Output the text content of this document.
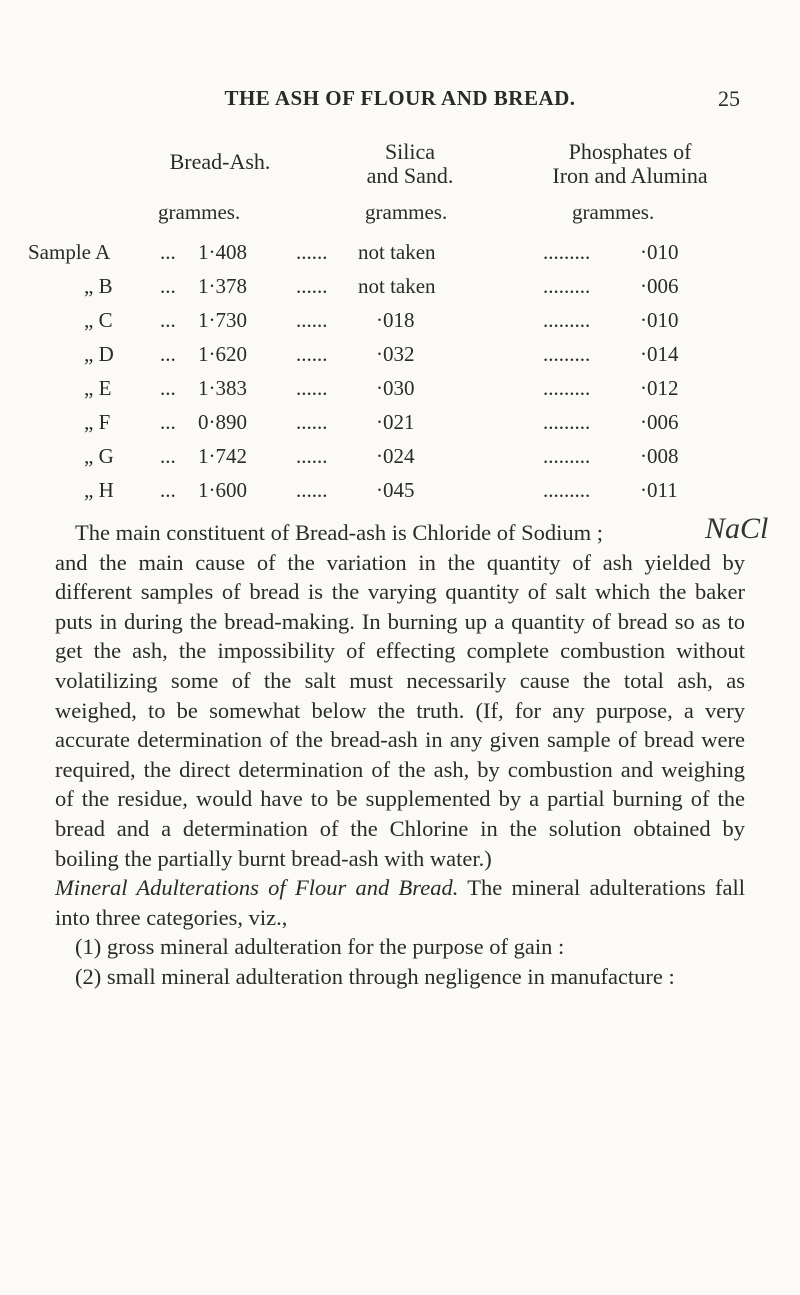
THE ASH OF FLOUR AND BREAD.	25
Bread-Ash.	Silica
and Sand.
Phosphates of
Iron and Alumina
grammes.	grammes.	grammes.
Sample A ... 1·408 ...... not taken	......... ·010
„ B ... 1·378 ...... not taken	......... ·006
„ C ... 1·730 ...... ·018	......... ·010
„ D ... 1·620 ...... ·032	......... ·014
„ E ... 1·383 ...... ·030	......... ·012
„ F ... 0·890 ...... ·021	......... ·006
„ G ... 1·742 ...... ·024	......... ·008
„ H ... 1·600 ...... ·045	......... ·011
NaCl

The main constituent of Bread-ash is Chloride of Sodium ;
and the main cause of the variation in the quantity of ash yielded by different samples of bread is the varying quantity of salt which the baker puts in during the bread-making. In burning up a quantity of bread so as to get the ash, the impossibility of effecting complete combustion without volatilizing some of the salt must necessarily cause the total ash, as weighed, to be somewhat below the truth. (If, for any purpose, a very accurate determination of the bread-ash in any given sample of bread were required, the direct determination of the ash, by combustion and weighing of the residue, would have to be supplemented by a partial burning of the bread and a determination of the Chlorine in the solution obtained by boiling the partially burnt bread-ash with water.)

Mineral Adulterations of Flour and Bread. The mineral adulterations fall into three categories, viz.,

(1) gross mineral adulteration for the purpose of gain :

(2) small mineral adulteration through negligence in manufacture :
